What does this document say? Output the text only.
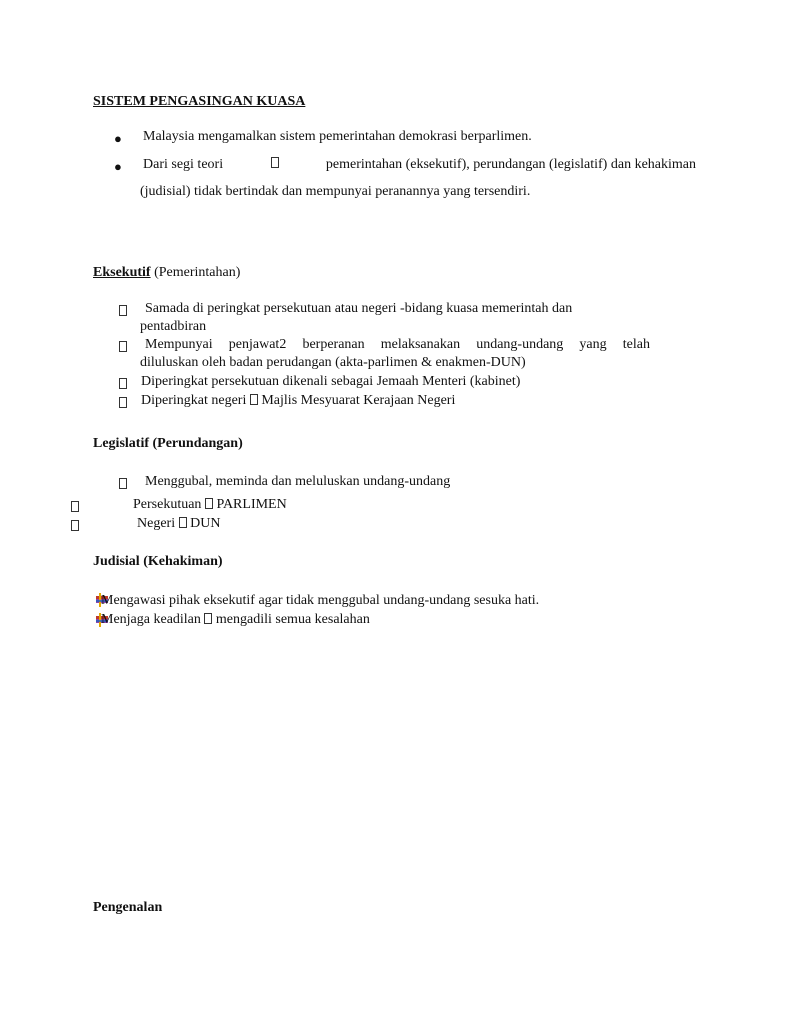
SISTEM PENGASINGAN KUASA
● Malaysia mengamalkan sistem pemerintahan demokrasi berparlimen.
● Dari segi teori	pemerintahan (eksekutif), perundangan (legislatif) dan kehakiman
(judisial) tidak bertindak dan mempunyai peranannya yang tersendiri.
Eksekutif (Pemerintahan)
Samada di peringkat persekutuan atau negeri -bidang kuasa memerintah dan
pentadbiran
Mempunyai penjawat2 berperanan melaksanakan undang-undang yang telah
diluluskan oleh badan perudangan (akta-parlimen & enakmen-DUN)
Diperingkat persekutuan dikenali sebagai Jemaah Menteri (kabinet)
Diperingkat negeri Majlis Mesyuarat Kerajaan Negeri
Legislatif (Perundangan)
Menggubal, meminda dan meluluskan undang-undang
Persekutuan PARLIMEN
Negeri DUN
Judisial (Kehakiman)
Mengawasi pihak eksekutif agar tidak menggubal undang-undang sesuka hati.
Menjaga keadilan mengadili semua kesalahan
Pengenalan
